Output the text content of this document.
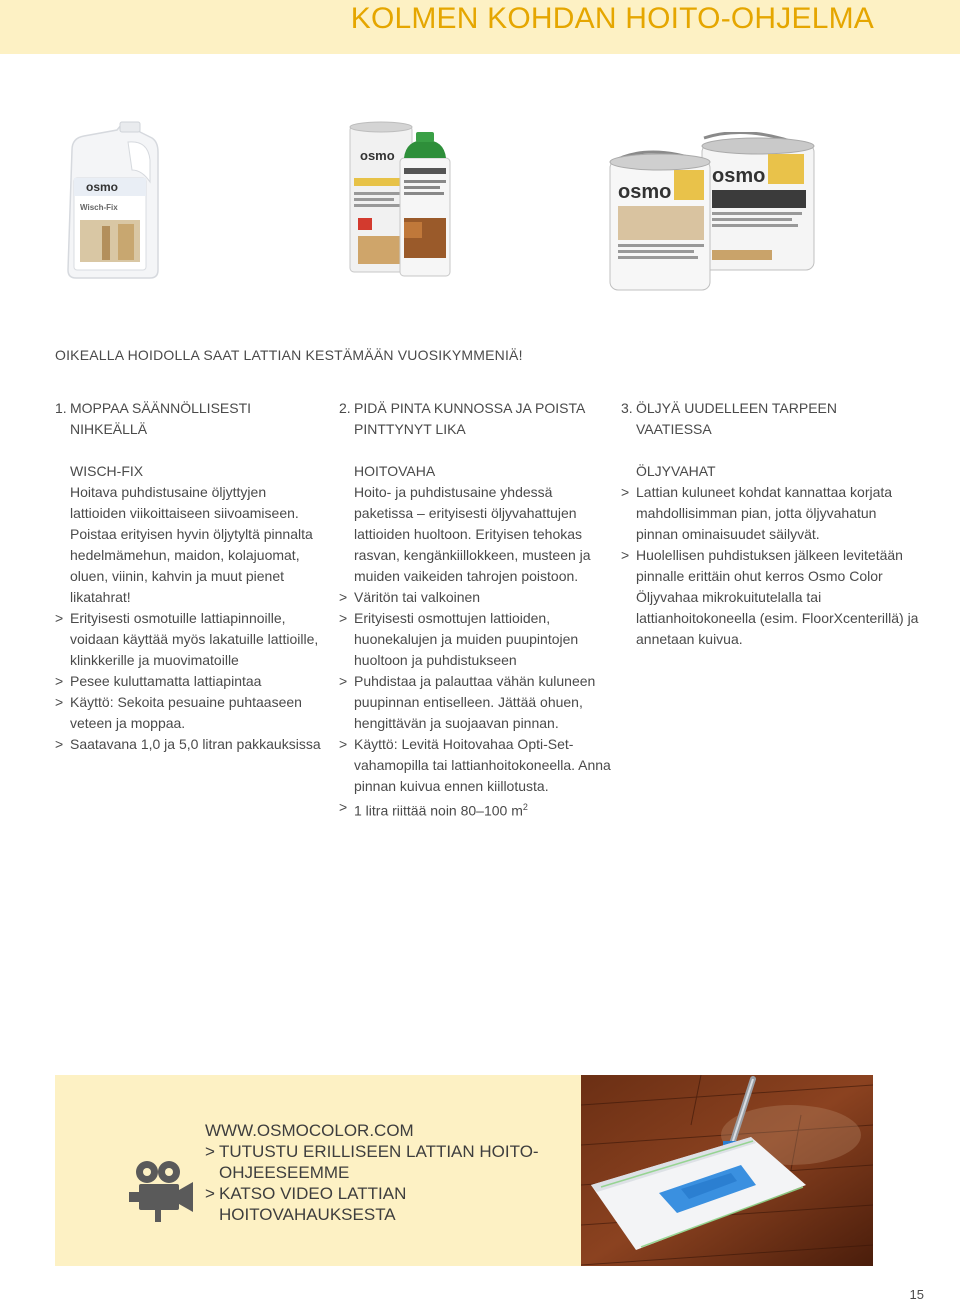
KOLMEN KOHDAN HOITO-OHJELMA
osmo
Wisch-Fix
osmo
osmo
osmo

OIKEALLA HOIDOLLA SAAT LATTIAN KESTÄMÄÄN VUOSIKYMMENIÄ!

1. MOPPAA SÄÄNNÖLLISESTI
NIHKEÄLLÄ
WISCH-FIX
Hoitava puhdistusaine öljyttyjen lattioiden viikoittaiseen siivoamiseen. Poistaa erityisen hyvin öljytyltä pinnalta hedelmämehun, maidon, kolajuomat, oluen, viinin, kahvin ja muut pienet likatahrat!
> Erityisesti osmotuille lattiapinnoille, voidaan käyttää myös lakatuille lattioille, klinkkerille ja muovimatoille
> Pesee kuluttamatta lattiapintaa
> Käyttö: Sekoita pesuaine puhtaaseen veteen ja moppaa.
> Saatavana 1,0 ja 5,0 litran pakkauksissa
2. PIDÄ PINTA KUNNOSSA JA POISTA
PINTTYNYT LIKA
HOITOVAHA
Hoito- ja puhdistusaine yhdessä paketissa – erityisesti öljyvahattujen lattioiden huoltoon. Erityisen tehokas rasvan, kengänkiillokkeen, musteen ja muiden vaikeiden tahrojen poistoon.
> Väritön tai valkoinen
> Erityisesti osmottujen lattioiden, huonekalujen ja muiden puupintojen huoltoon ja puhdistukseen
> Puhdistaa ja palauttaa vähän kuluneen puupinnan entiselleen. Jättää ohuen, hengittävän ja suojaavan pinnan.
> Käyttö: Levitä Hoitovahaa Opti-Set-vahamopilla tai lattianhoitokoneella. Anna pinnan kuivua ennen kiillotusta.
> 1 litra riittää noin 80–100 $m^2$
3. ÖLJYÄ UUDELLEEN TARPEEN
VAATIESSA
ÖLJYVAHAT
> Lattian kuluneet kohdat kannattaa korjata mahdollisimman pian, jotta öljyvahatun pinnan ominaisuudet säilyvät.
> Huolellisen puhdistuksen jälkeen levitetään pinnalle erittäin ohut kerros Osmo Color Öljyvahaa mikrokuitutelalla tai lattianhoitokoneella (esim. FloorXcenterillä) ja annetaan kuivua.
WWW.OSMOCOLOR.COM
> TUTUSTU ERILLISEEN LATTIAN HOITO-OHJEESEEMME
> KATSO VIDEO LATTIAN HOITOVAHAUKSESTA
15
